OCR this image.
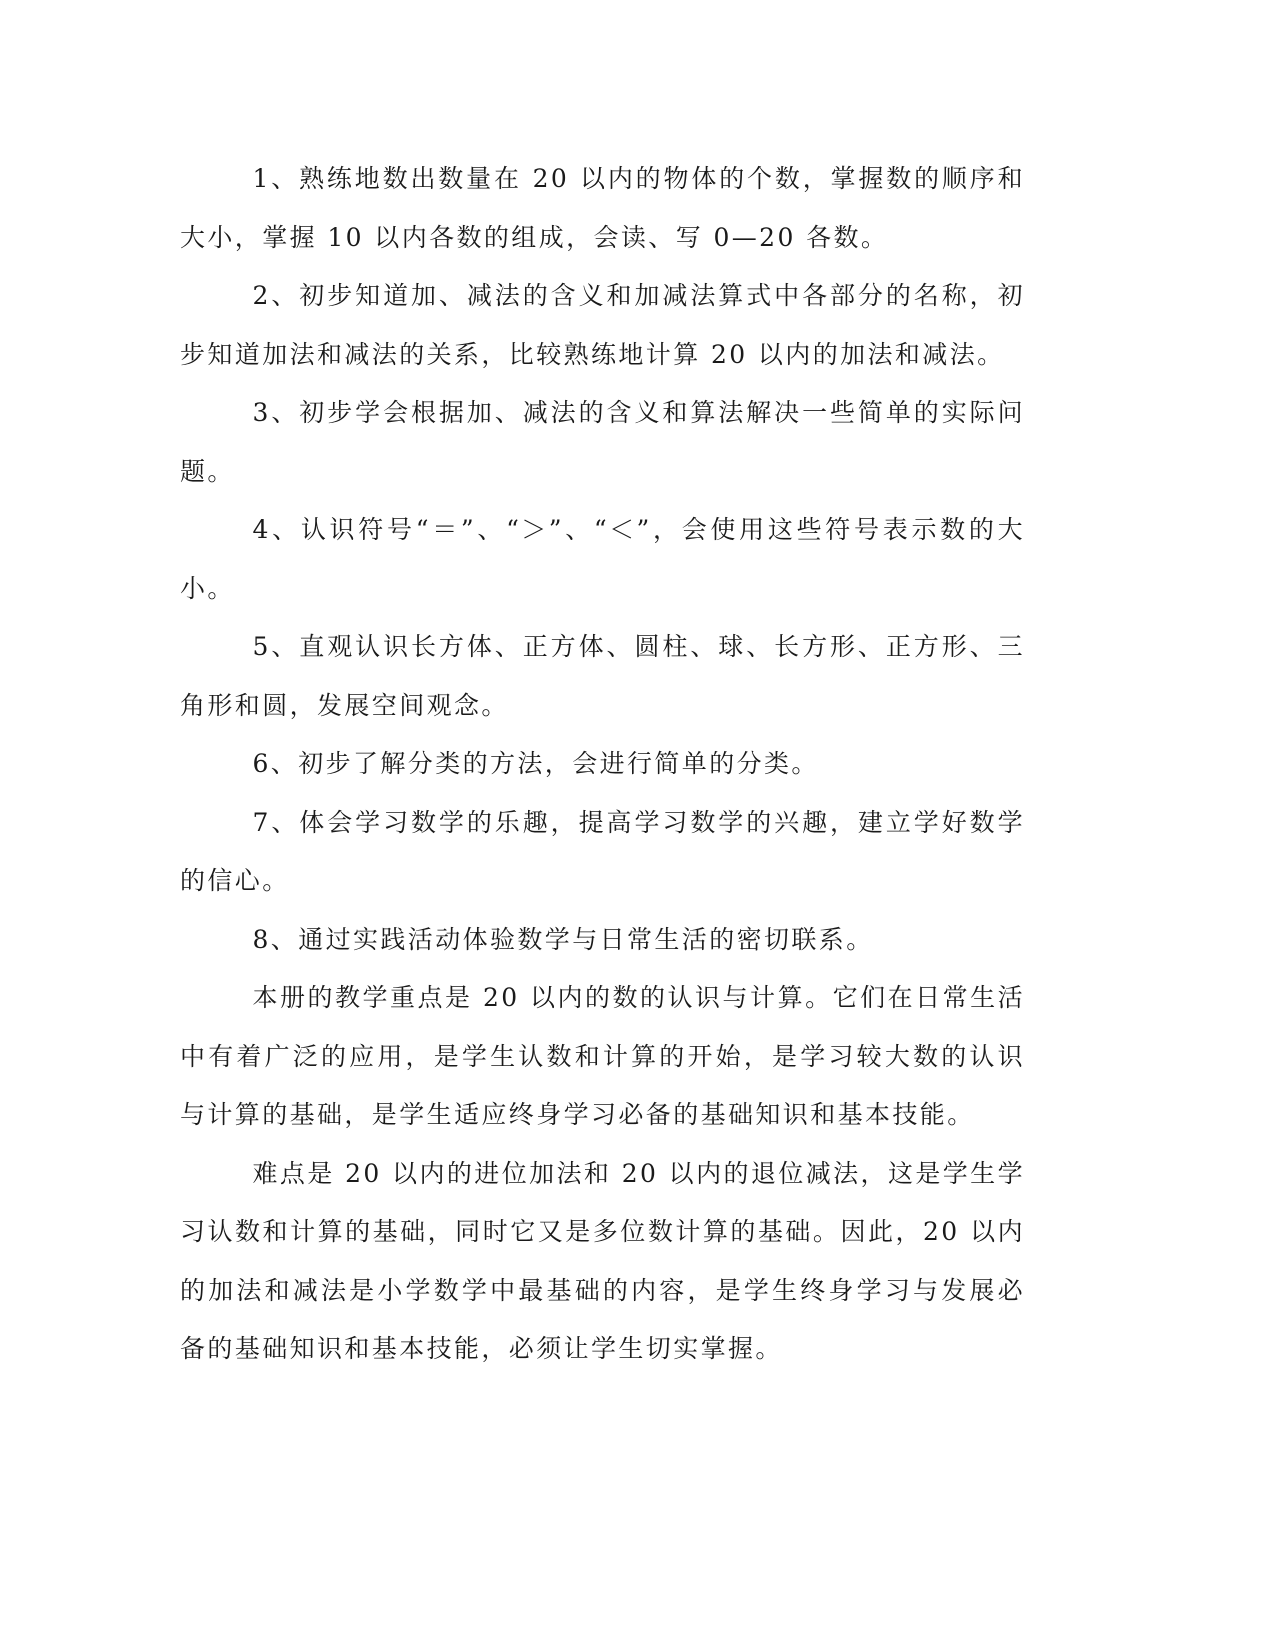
1、熟练地数出数量在 20 以内的物体的个数，掌握数的顺序和大小，掌握 10 以内各数的组成，会读、写 0—20 各数。

2、初步知道加、减法的含义和加减法算式中各部分的名称，初步知道加法和减法的关系，比较熟练地计算 20 以内的加法和减法。

3、初步学会根据加、减法的含义和算法解决一些简单的实际问题。

4、认识符号“＝”、“＞”、“＜”，会使用这些符号表示数的大小。

5、直观认识长方体、正方体、圆柱、球、长方形、正方形、三角形和圆，发展空间观念。

6、初步了解分类的方法，会进行简单的分类。

7、体会学习数学的乐趣，提高学习数学的兴趣，建立学好数学的信心。

8、通过实践活动体验数学与日常生活的密切联系。

本册的教学重点是 20 以内的数的认识与计算。它们在日常生活中有着广泛的应用，是学生认数和计算的开始，是学习较大数的认识与计算的基础，是学生适应终身学习必备的基础知识和基本技能。

难点是 20 以内的进位加法和 20 以内的退位减法，这是学生学习认数和计算的基础，同时它又是多位数计算的基础。因此，20 以内的加法和减法是小学数学中最基础的内容，是学生终身学习与发展必备的基础知识和基本技能，必须让学生切实掌握。
